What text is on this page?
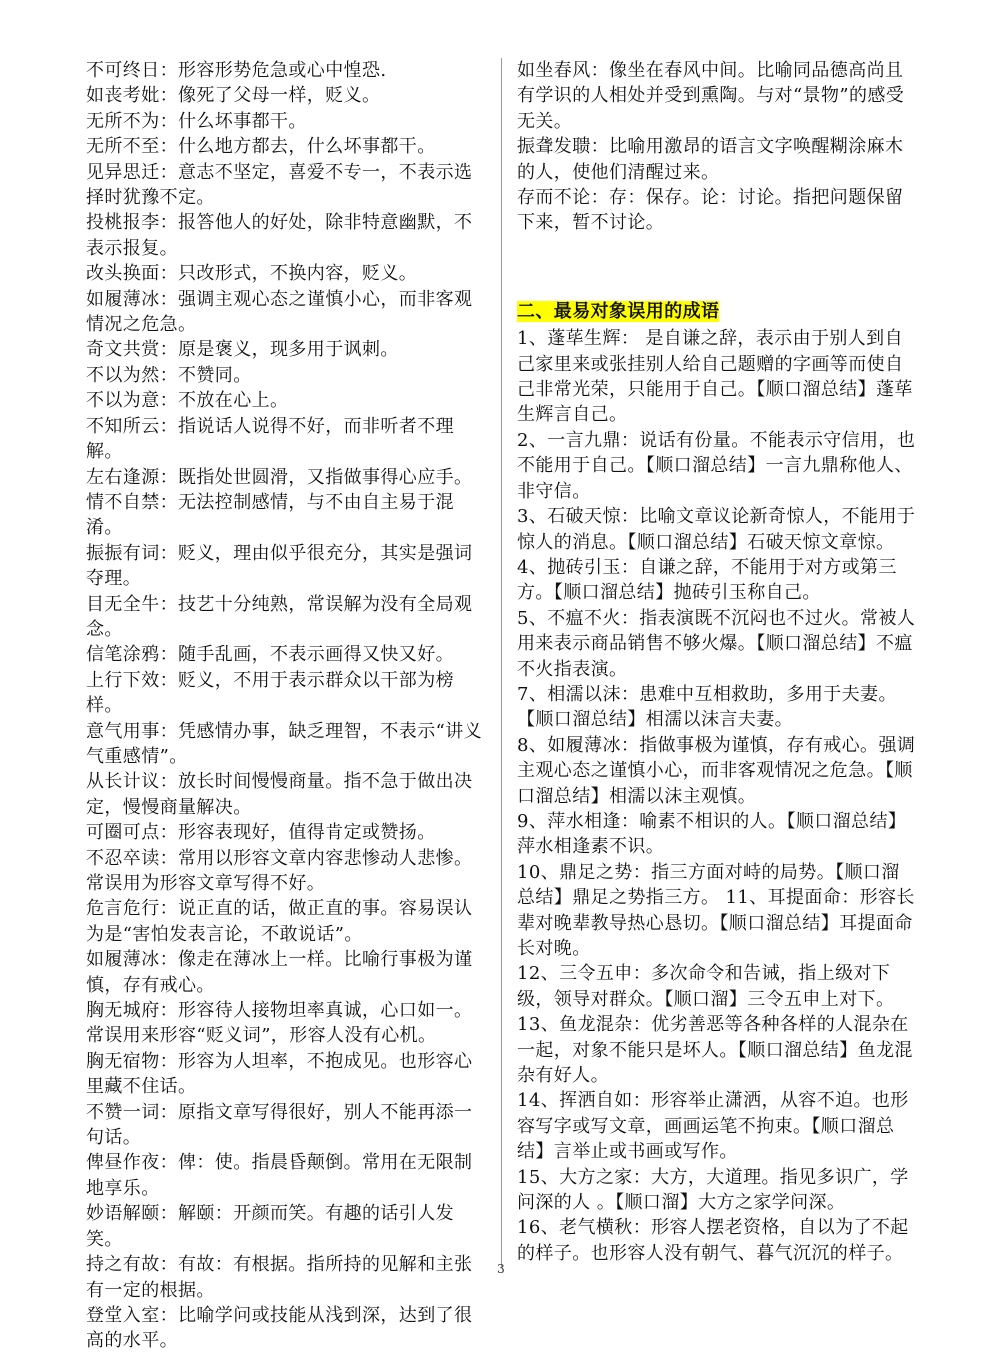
不可终日：形容形势危急或心中惶恐.

如丧考妣：像死了父母一样，贬义。

无所不为：什么坏事都干。

无所不至：什么地方都去，什么坏事都干。

见异思迁：意志不坚定，喜爱不专一，不表示选择时犹豫不定。

投桃报李：报答他人的好处，除非特意幽默，不表示报复。

改头换面：只改形式，不换内容，贬义。

如履薄冰：强调主观心态之谨慎小心，而非客观情况之危急。

奇文共赏：原是褒义，现多用于讽刺。

不以为然：不赞同。

不以为意：不放在心上。

不知所云：指说话人说得不好，而非听者不理解。

左右逢源：既指处世圆滑，又指做事得心应手。

情不自禁：无法控制感情，与不由自主易于混淆。

振振有词：贬义，理由似乎很充分，其实是强词夺理。

目无全牛：技艺十分纯熟，常误解为没有全局观念。

信笔涂鸦：随手乱画，不表示画得又快又好。

上行下效：贬义，不用于表示群众以干部为榜样。

意气用事：凭感情办事，缺乏理智，不表示“讲义气重感情”。

从长计议：放长时间慢慢商量。指不急于做出决定，慢慢商量解决。

可圈可点：形容表现好，值得肯定或赞扬。

不忍卒读：常用以形容文章内容悲惨动人悲惨。常误用为形容文章写得不好。

危言危行：说正直的话，做正直的事。容易误认为是“害怕发表言论，不敢说话”。

如履薄冰：像走在薄冰上一样。比喻行事极为谨慎，存有戒心。

胸无城府：形容待人接物坦率真诚，心口如一。常误用来形容“贬义词”，形容人没有心机。

胸无宿物：形容为人坦率，不抱成见。也形容心里藏不住话。

不赞一词：原指文章写得很好，别人不能再添一句话。

俾昼作夜：俾：使。指晨昏颠倒。常用在无限制地享乐。

妙语解颐：解颐：开颜而笑。有趣的话引人发笑。

持之有故：有故：有根据。指所持的见解和主张有一定的根据。

登堂入室：比喻学问或技能从浅到深，达到了很高的水平。

如坐春风：像坐在春风中间。比喻同品德高尚且有学识的人相处并受到熏陶。与对“景物”的感受无关。

振聋发聩：比喻用激昂的语言文字唤醒糊涂麻木的人，使他们清醒过来。

存而不论：存：保存。论：讨论。指把问题保留下来，暂不讨论。

二、最易对象误用的成语

1、蓬荜生辉： 是自谦之辞，表示由于别人到自己家里来或张挂别人给自己题赠的字画等而使自己非常光荣，只能用于自己。【顺口溜总结】蓬荜生辉言自己。

2、一言九鼎：说话有份量。不能表示守信用，也不能用于自己。【顺口溜总结】一言九鼎称他人、非守信。

3、石破天惊：比喻文章议论新奇惊人，不能用于惊人的消息。【顺口溜总结】石破天惊文章惊。

4、抛砖引玉：自谦之辞，不能用于对方或第三方。【顺口溜总结】抛砖引玉称自己。

5、不瘟不火：指表演既不沉闷也不过火。常被人用来表示商品销售不够火爆。【顺口溜总结】不瘟不火指表演。

7、相濡以沫：患难中互相救助，多用于夫妻。【顺口溜总结】相濡以沫言夫妻。

8、如履薄冰：指做事极为谨慎，存有戒心。强调主观心态之谨慎小心，而非客观情况之危急。【顺口溜总结】相濡以沫主观慎。

9、萍水相逢：喻素不相识的人。【顺口溜总结】萍水相逢素不识。

10、鼎足之势：指三方面对峙的局势。【顺口溜总结】鼎足之势指三方。 11、耳提面命：形容长辈对晚辈教导热心恳切。【顺口溜总结】耳提面命长对晚。

12、三令五申：多次命令和告诫，指上级对下级，领导对群众。【顺口溜】三令五申上对下。

13、鱼龙混杂：优劣善恶等各种各样的人混杂在一起，对象不能只是坏人。【顺口溜总结】鱼龙混杂有好人。

14、挥洒自如：形容举止潇洒，从容不迫。也形容写字或写文章，画画运笔不拘束。【顺口溜总结】言举止或书画或写作。

15、大方之家：大方，大道理。指见多识广，学问深的人 。【顺口溜】大方之家学问深。

16、老气横秋：形容人摆老资格，自以为了不起的样子。也形容人没有朝气、暮气沉沉的样子。

3
